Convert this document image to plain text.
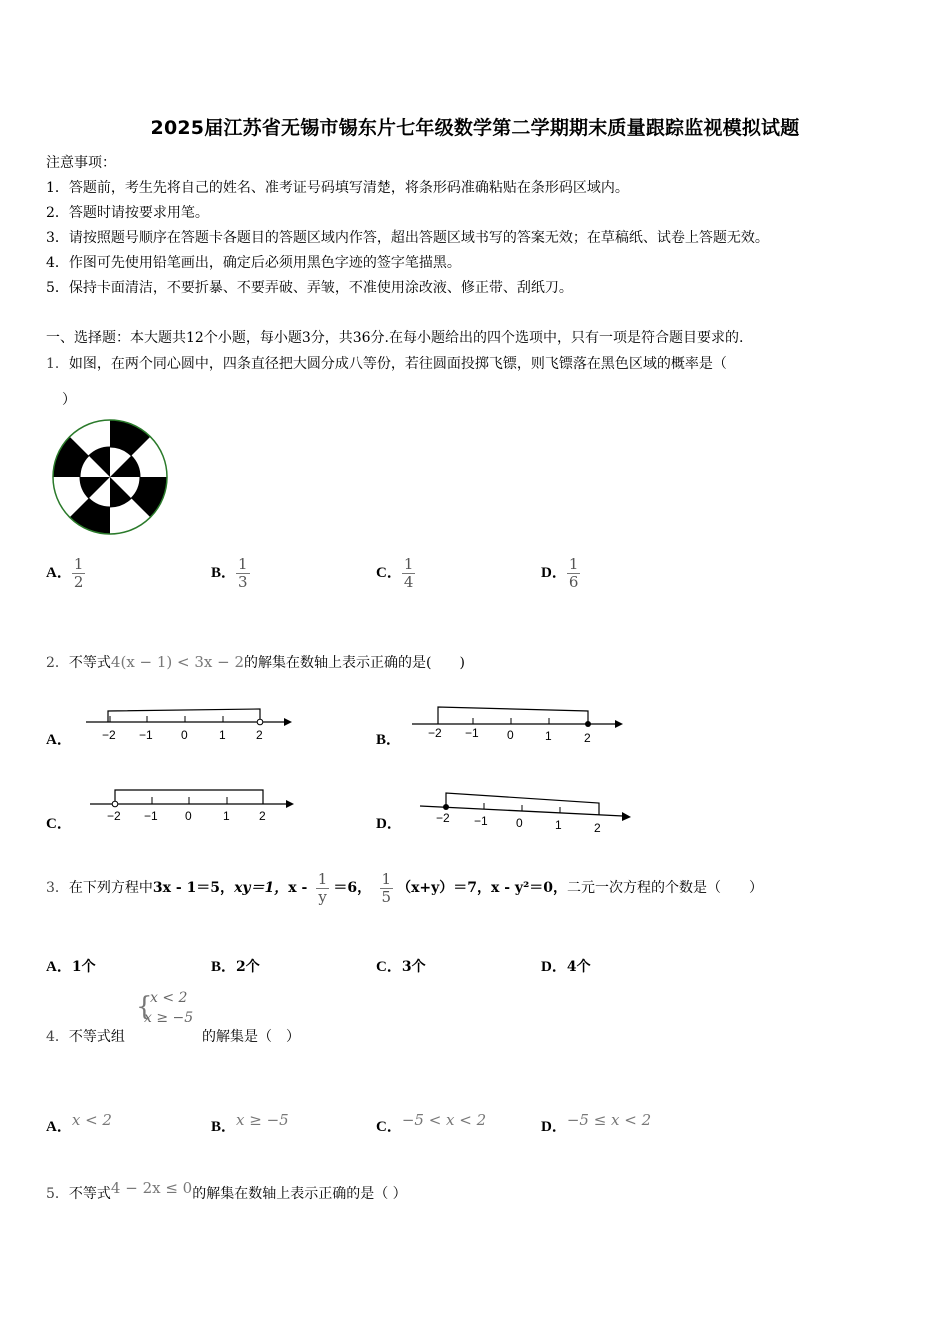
2025届江苏省无锡市锡东片七年级数学第二学期期末质量跟踪监视模拟试题
注意事项：
1．答题前，考生先将自己的姓名、准考证号码填写清楚，将条形码准确粘贴在条形码区域内。
2．答题时请按要求用笔。
3．请按照题号顺序在答题卡各题目的答题区域内作答，超出答题区域书写的答案无效；在草稿纸、试卷上答题无效。
4．作图可先使用铅笔画出，确定后必须用黑色字迹的签字笔描黑。
5．保持卡面清洁，不要折暴、不要弄破、弄皱，不准使用涂改液、修正带、刮纸刀。
一、选择题：本大题共12个小题，每小题3分，共36分.在每小题给出的四个选项中，只有一项是符合题目要求的.
1．如图，在两个同心圆中，四条直径把大圆分成八等份，若往圆面投掷飞镖，则飞镖落在黑色区域的概率是（
）
A． $\frac{1}{2}$	B． $\frac{1}{3}$	C． $\frac{1}{4}$	D． $\frac{1}{6}$
2．不等式4(x − 1) < 3x − 2的解集在数轴上表示正确的是(　　)
A．	−2 −1 0	1	2	B． −2 −1 0	1	2
C．	−2 −1 0	1 2	D．	−2 −1 0	1	2
3．在下列方程中3x - 1＝5，xy＝1，$x - \frac{1}{y} =6$， $\frac{1}{5} (x+y)=7$，x - y²＝0，二元一次方程的个数是（　　）
A．1个	B．2个	C．3个	D．4个
4．不等式组
{
x < 2
x ≥ −5
的解集是（　）
A．x < 2	B．x ≥ −5	C．−5 < x < 2	D．−5 ≤ x < 2
5．不等式4 − 2x ≤ 0的解集在数轴上表示正确的是（ ）
